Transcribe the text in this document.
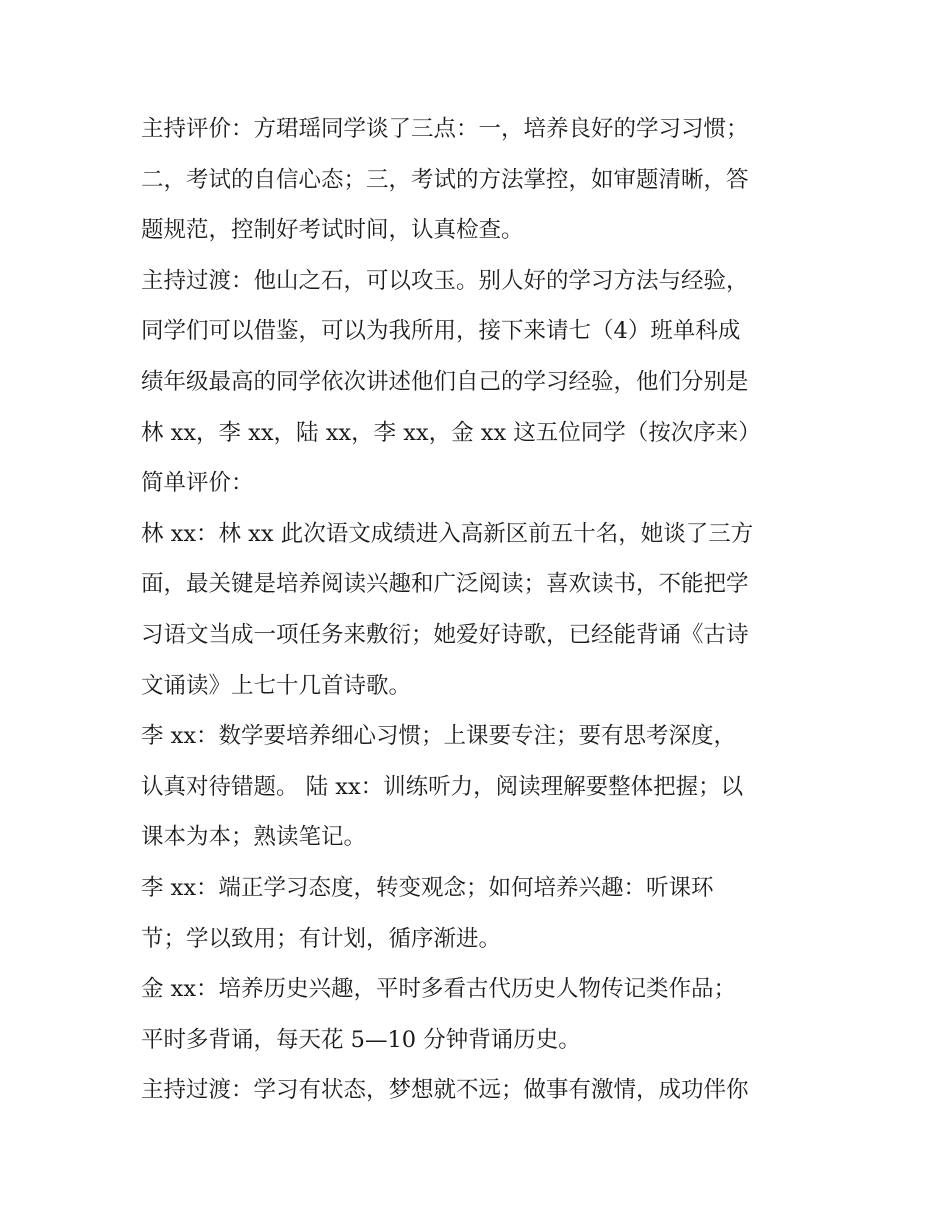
主持评价：方珺瑶同学谈了三点：一，培养良好的学习习惯；
二，考试的自信心态；三，考试的方法掌控，如审题清晰，答
题规范，控制好考试时间，认真检查。
主持过渡：他山之石，可以攻玉。别人好的学习方法与经验，
同学们可以借鉴，可以为我所用，接下来请七（4）班单科成
绩年级最高的同学依次讲述他们自己的学习经验，他们分别是
林 xx，李 xx，陆 xx，李 xx，金 xx 这五位同学（按次序来）
简单评价：
林 xx：林 xx 此次语文成绩进入高新区前五十名，她谈了三方
面，最关键是培养阅读兴趣和广泛阅读；喜欢读书，不能把学
习语文当成一项任务来敷衍；她爱好诗歌，已经能背诵《古诗
文诵读》上七十几首诗歌。
李 xx：数学要培养细心习惯；上课要专注；要有思考深度，
认真对待错题。 陆 xx：训练听力，阅读理解要整体把握；以
课本为本；熟读笔记。
李 xx：端正学习态度，转变观念；如何培养兴趣：听课环
节；学以致用；有计划，循序渐进。
金 xx：培养历史兴趣，平时多看古代历史人物传记类作品；
平时多背诵，每天花 5—10 分钟背诵历史。
主持过渡：学习有状态，梦想就不远；做事有激情，成功伴你
